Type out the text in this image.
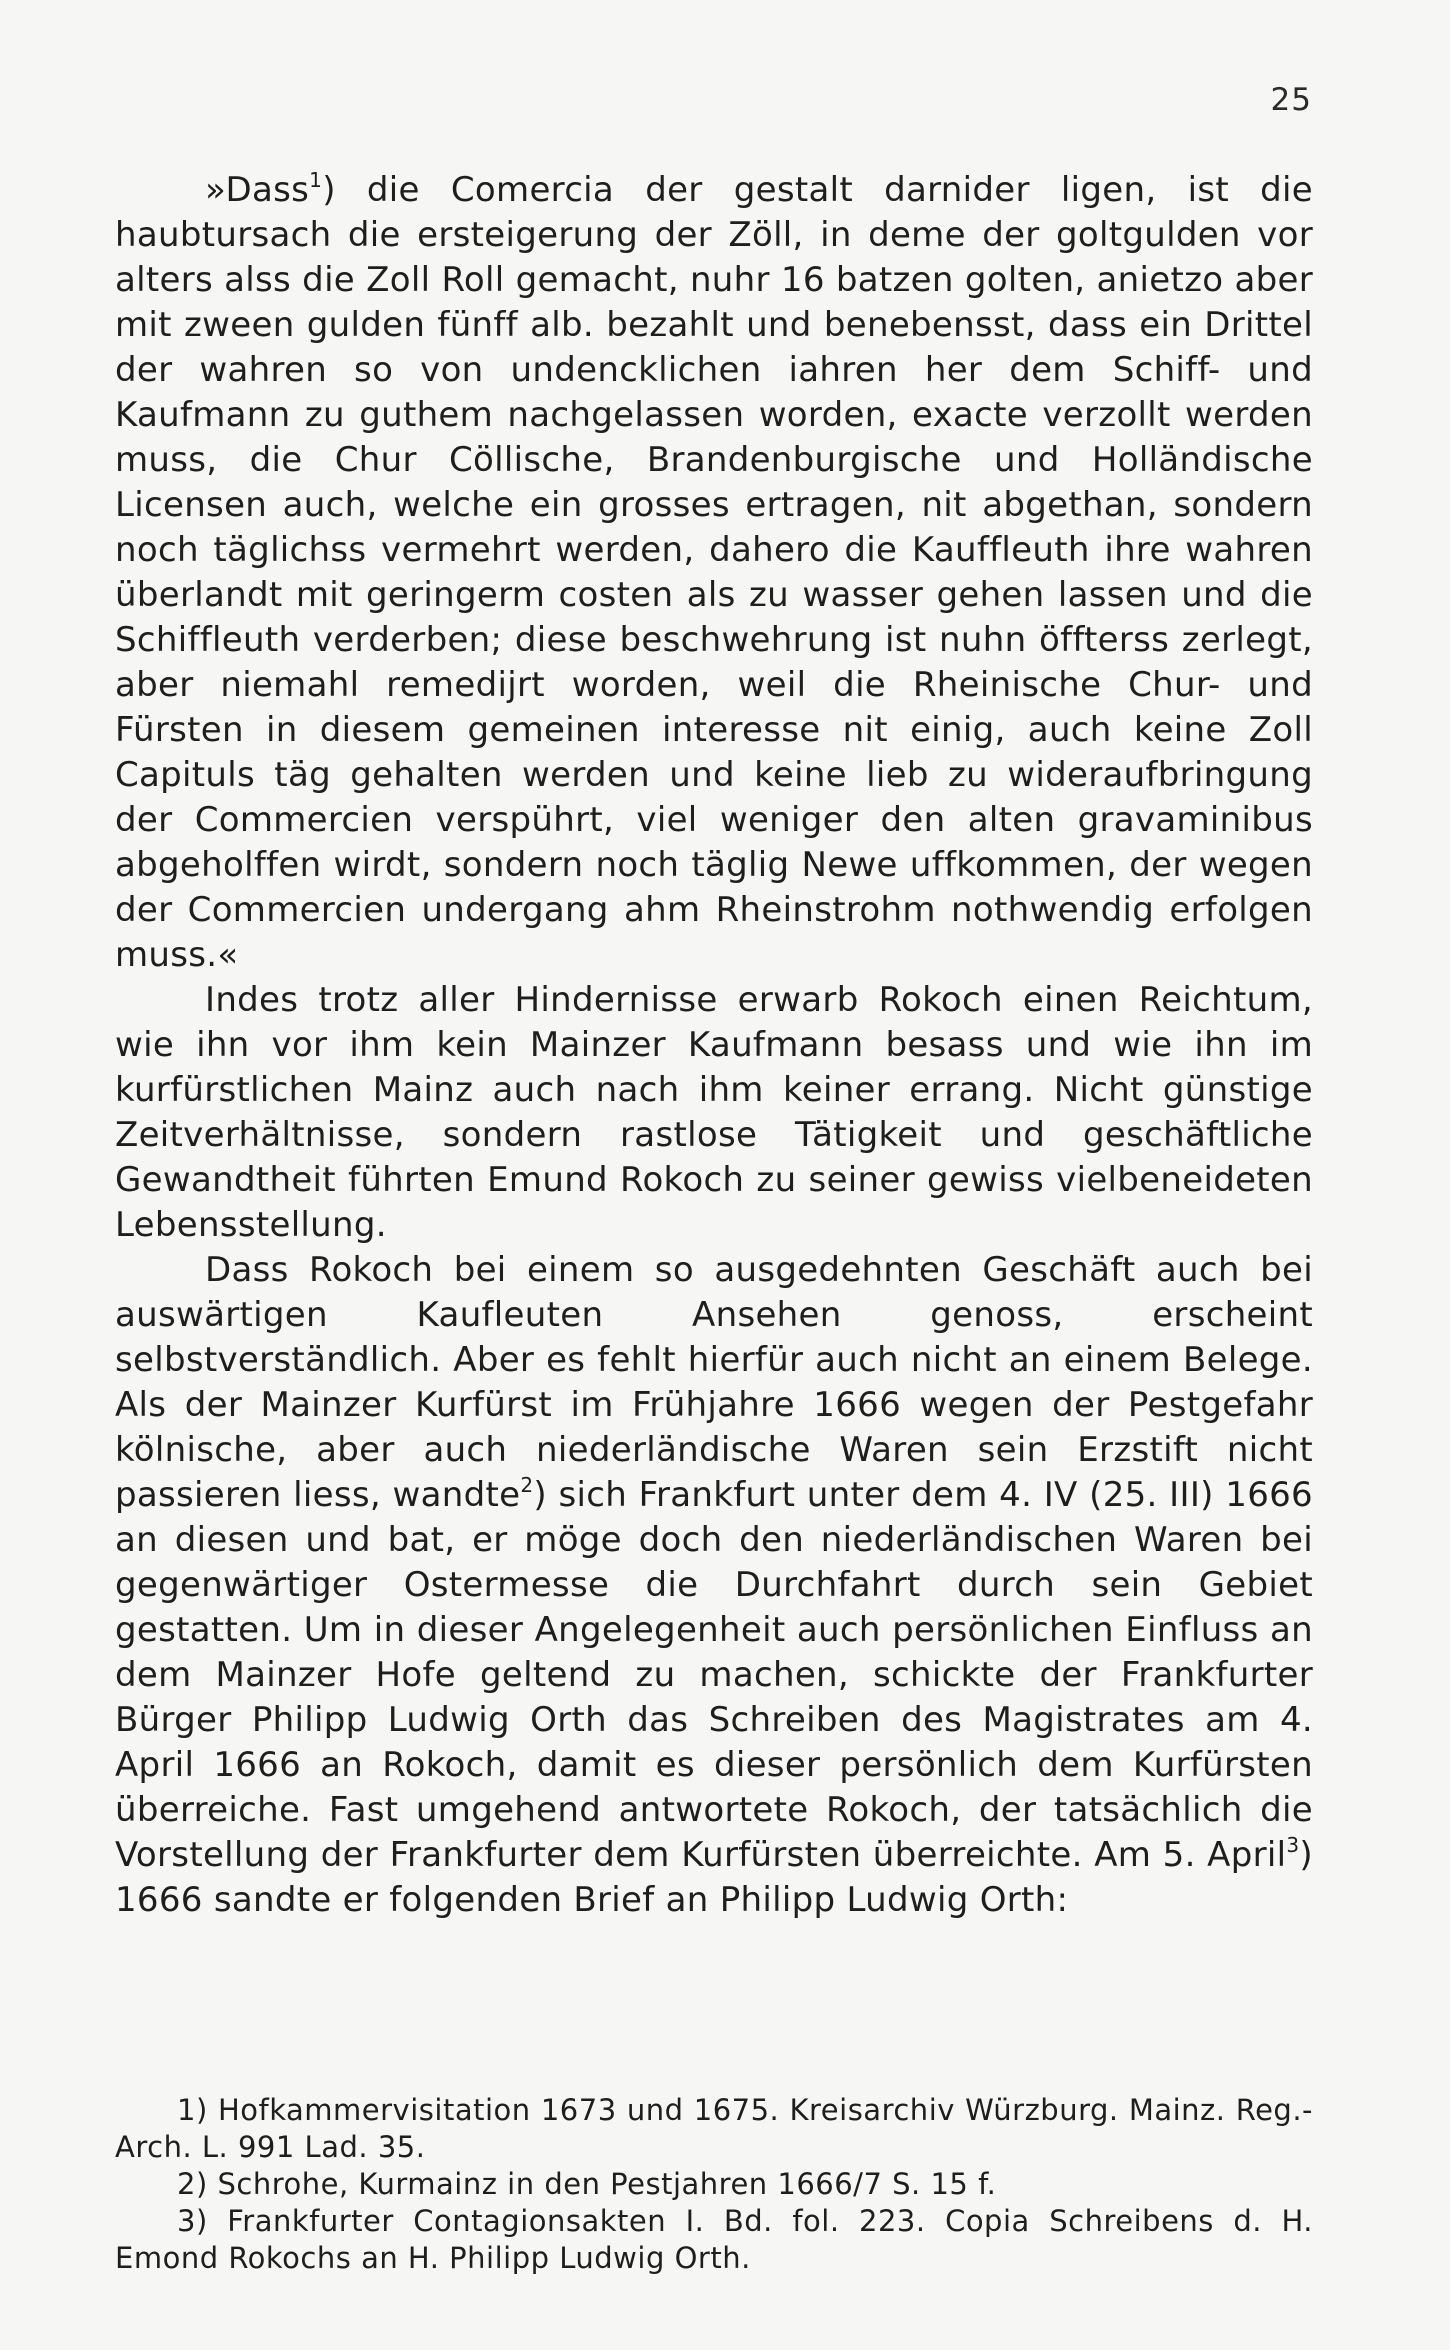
25

»Dass$^1$) die Comercia der gestalt darnider ligen, ist die haubtursach die ersteigerung der Zöll, in deme der goltgulden vor alters alss die Zoll Roll gemacht, nuhr 16 batzen golten, anietzo aber mit zween gulden fünff alb. bezahlt und benebensst, dass ein Drittel der wahren so von undencklichen iahren her dem Schiff- und Kaufmann zu guthem nachgelassen worden, exacte verzollt werden muss, die Chur Cöllische, Brandenburgische und Holländische Licensen auch, welche ein grosses ertragen, nit abgethan, sondern noch täglichss vermehrt werden, dahero die Kauffleuth ihre wahren überlandt mit geringerm costen als zu wasser gehen lassen und die Schiffleuth verderben; diese beschwehrung ist nuhn öffterss zerlegt, aber niemahl remedijrt worden, weil die Rheinische Chur- und Fürsten in diesem gemeinen interesse nit einig, auch keine Zoll Capituls täg gehalten werden und keine lieb zu wideraufbringung der Commercien verspührt, viel weniger den alten gravaminibus abgeholffen wirdt, sondern noch täglig Newe uffkommen, der wegen der Commercien undergang ahm Rheinstrohm nothwendig erfolgen muss.«

Indes trotz aller Hindernisse erwarb Rokoch einen Reichtum, wie ihn vor ihm kein Mainzer Kaufmann besass und wie ihn im kurfürstlichen Mainz auch nach ihm keiner errang. Nicht günstige Zeitverhältnisse, sondern rastlose Tätigkeit und geschäftliche Gewandtheit führten Emund Rokoch zu seiner gewiss vielbeneideten Lebensstellung.

Dass Rokoch bei einem so ausgedehnten Geschäft auch bei auswärtigen Kaufleuten Ansehen genoss, erscheint selbstverständlich. Aber es fehlt hierfür auch nicht an einem Belege. Als der Mainzer Kurfürst im Frühjahre 1666 wegen der Pestgefahr kölnische, aber auch niederländische Waren sein Erzstift nicht passieren liess, wandte$^2$) sich Frankfurt unter dem 4. IV (25. III) 1666 an diesen und bat, er möge doch den niederländischen Waren bei gegenwärtiger Ostermesse die Durchfahrt durch sein Gebiet gestatten. Um in dieser Angelegenheit auch persönlichen Einfluss an dem Mainzer Hofe geltend zu machen, schickte der Frankfurter Bürger Philipp Ludwig Orth das Schreiben des Magistrates am 4. April 1666 an Rokoch, damit es dieser persönlich dem Kurfürsten überreiche. Fast umgehend antwortete Rokoch, der tatsächlich die Vorstellung der Frankfurter dem Kurfürsten überreichte. Am 5. April$^3$) 1666 sandte er folgenden Brief an Philipp Ludwig Orth:

1) Hofkammervisitation 1673 und 1675. Kreisarchiv Würzburg. Mainz. Reg.-Arch. L. 991 Lad. 35.

2) Schrohe, Kurmainz in den Pestjahren 1666/7 S. 15 f.

3) Frankfurter Contagionsakten I. Bd. fol. 223. Copia Schreibens d. H. Emond Rokochs an H. Philipp Ludwig Orth.
